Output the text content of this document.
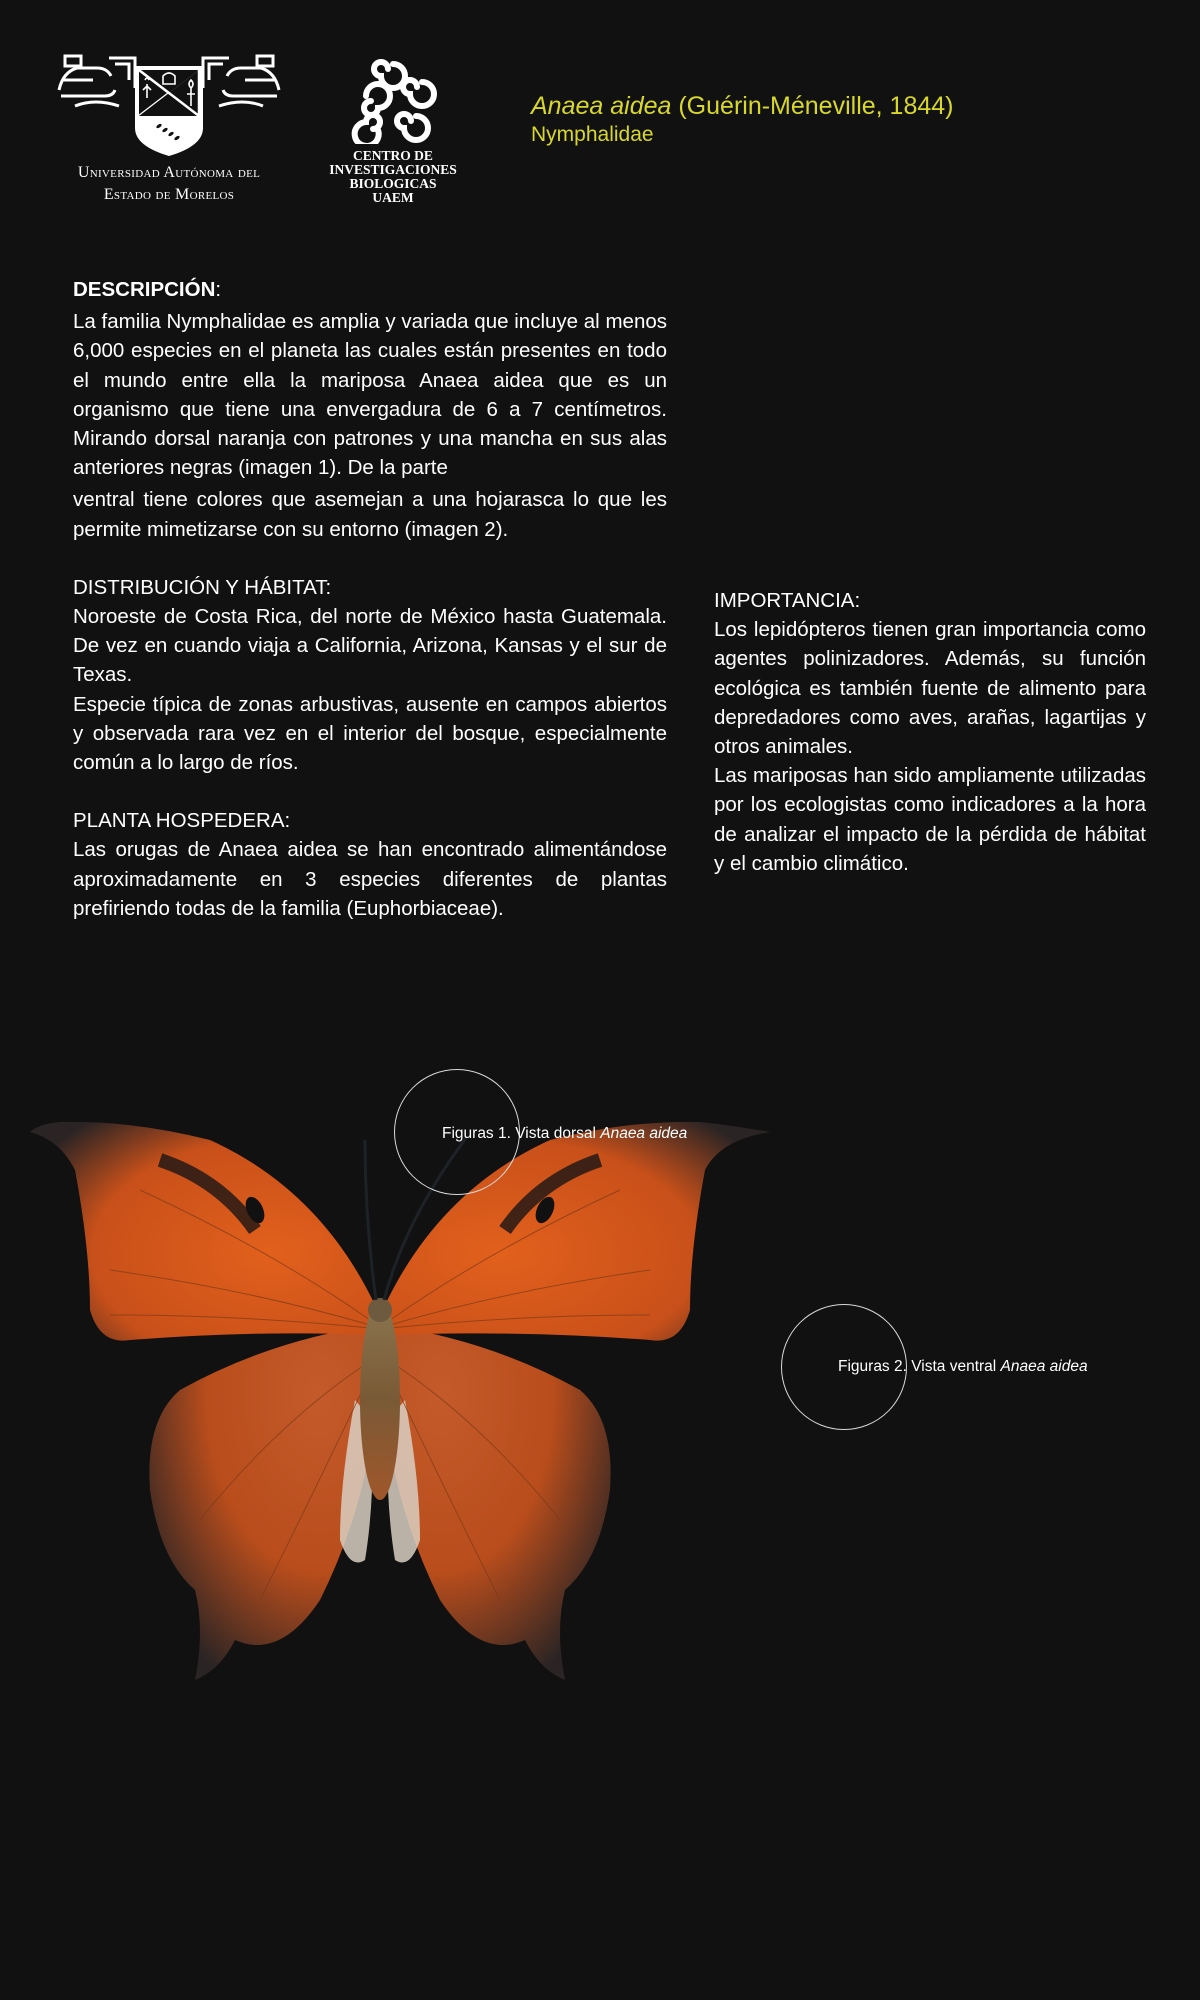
Universidad Autónoma del
Estado de Morelos
CENTRO DE
INVESTIGACIONES
BIOLOGICAS
UAEM
Anaea aidea (Guérin-Méneville, 1844)
Nymphalidae
DESCRIPCIÓN:

La familia Nymphalidae es amplia y variada que incluye al menos 6,000 especies en el planeta las cuales están presentes en todo el mundo entre ella la mariposa Anaea aidea que es un organismo que tiene una envergadura de 6 a 7 centímetros. Mirando dorsal naranja con patrones y una mancha en sus alas anteriores negras (imagen 1). De la parte

ventral tiene colores que asemejan a una hojarasca lo que les permite mimetizarse con su entorno (imagen 2).

DISTRIBUCIÓN Y HÁBITAT:

Noroeste de Costa Rica, del norte de México hasta Guatemala. De vez en cuando viaja a California, Arizona, Kansas y el sur de Texas.

Especie típica de zonas arbustivas, ausente en campos abiertos y observada rara vez en el interior del bosque, especialmente común a lo largo de ríos.

PLANTA HOSPEDERA:

Las orugas de Anaea aidea se han encontrado alimentándose aproximadamente en 3 especies diferentes de plantas prefiriendo todas de la familia (Euphorbiaceae).

IMPORTANCIA:

Los lepidópteros tienen gran importancia como agentes polinizadores. Además, su función ecológica es también fuente de alimento para depredadores como aves, arañas, lagartijas y otros animales.

Las mariposas han sido ampliamente utilizadas por los ecologistas como indicadores a la hora de analizar el impacto de la pérdida de hábitat y el cambio climático.

Figuras 1. Vista dorsal Anaea aidea
Figuras 2. Vista ventral Anaea aidea
